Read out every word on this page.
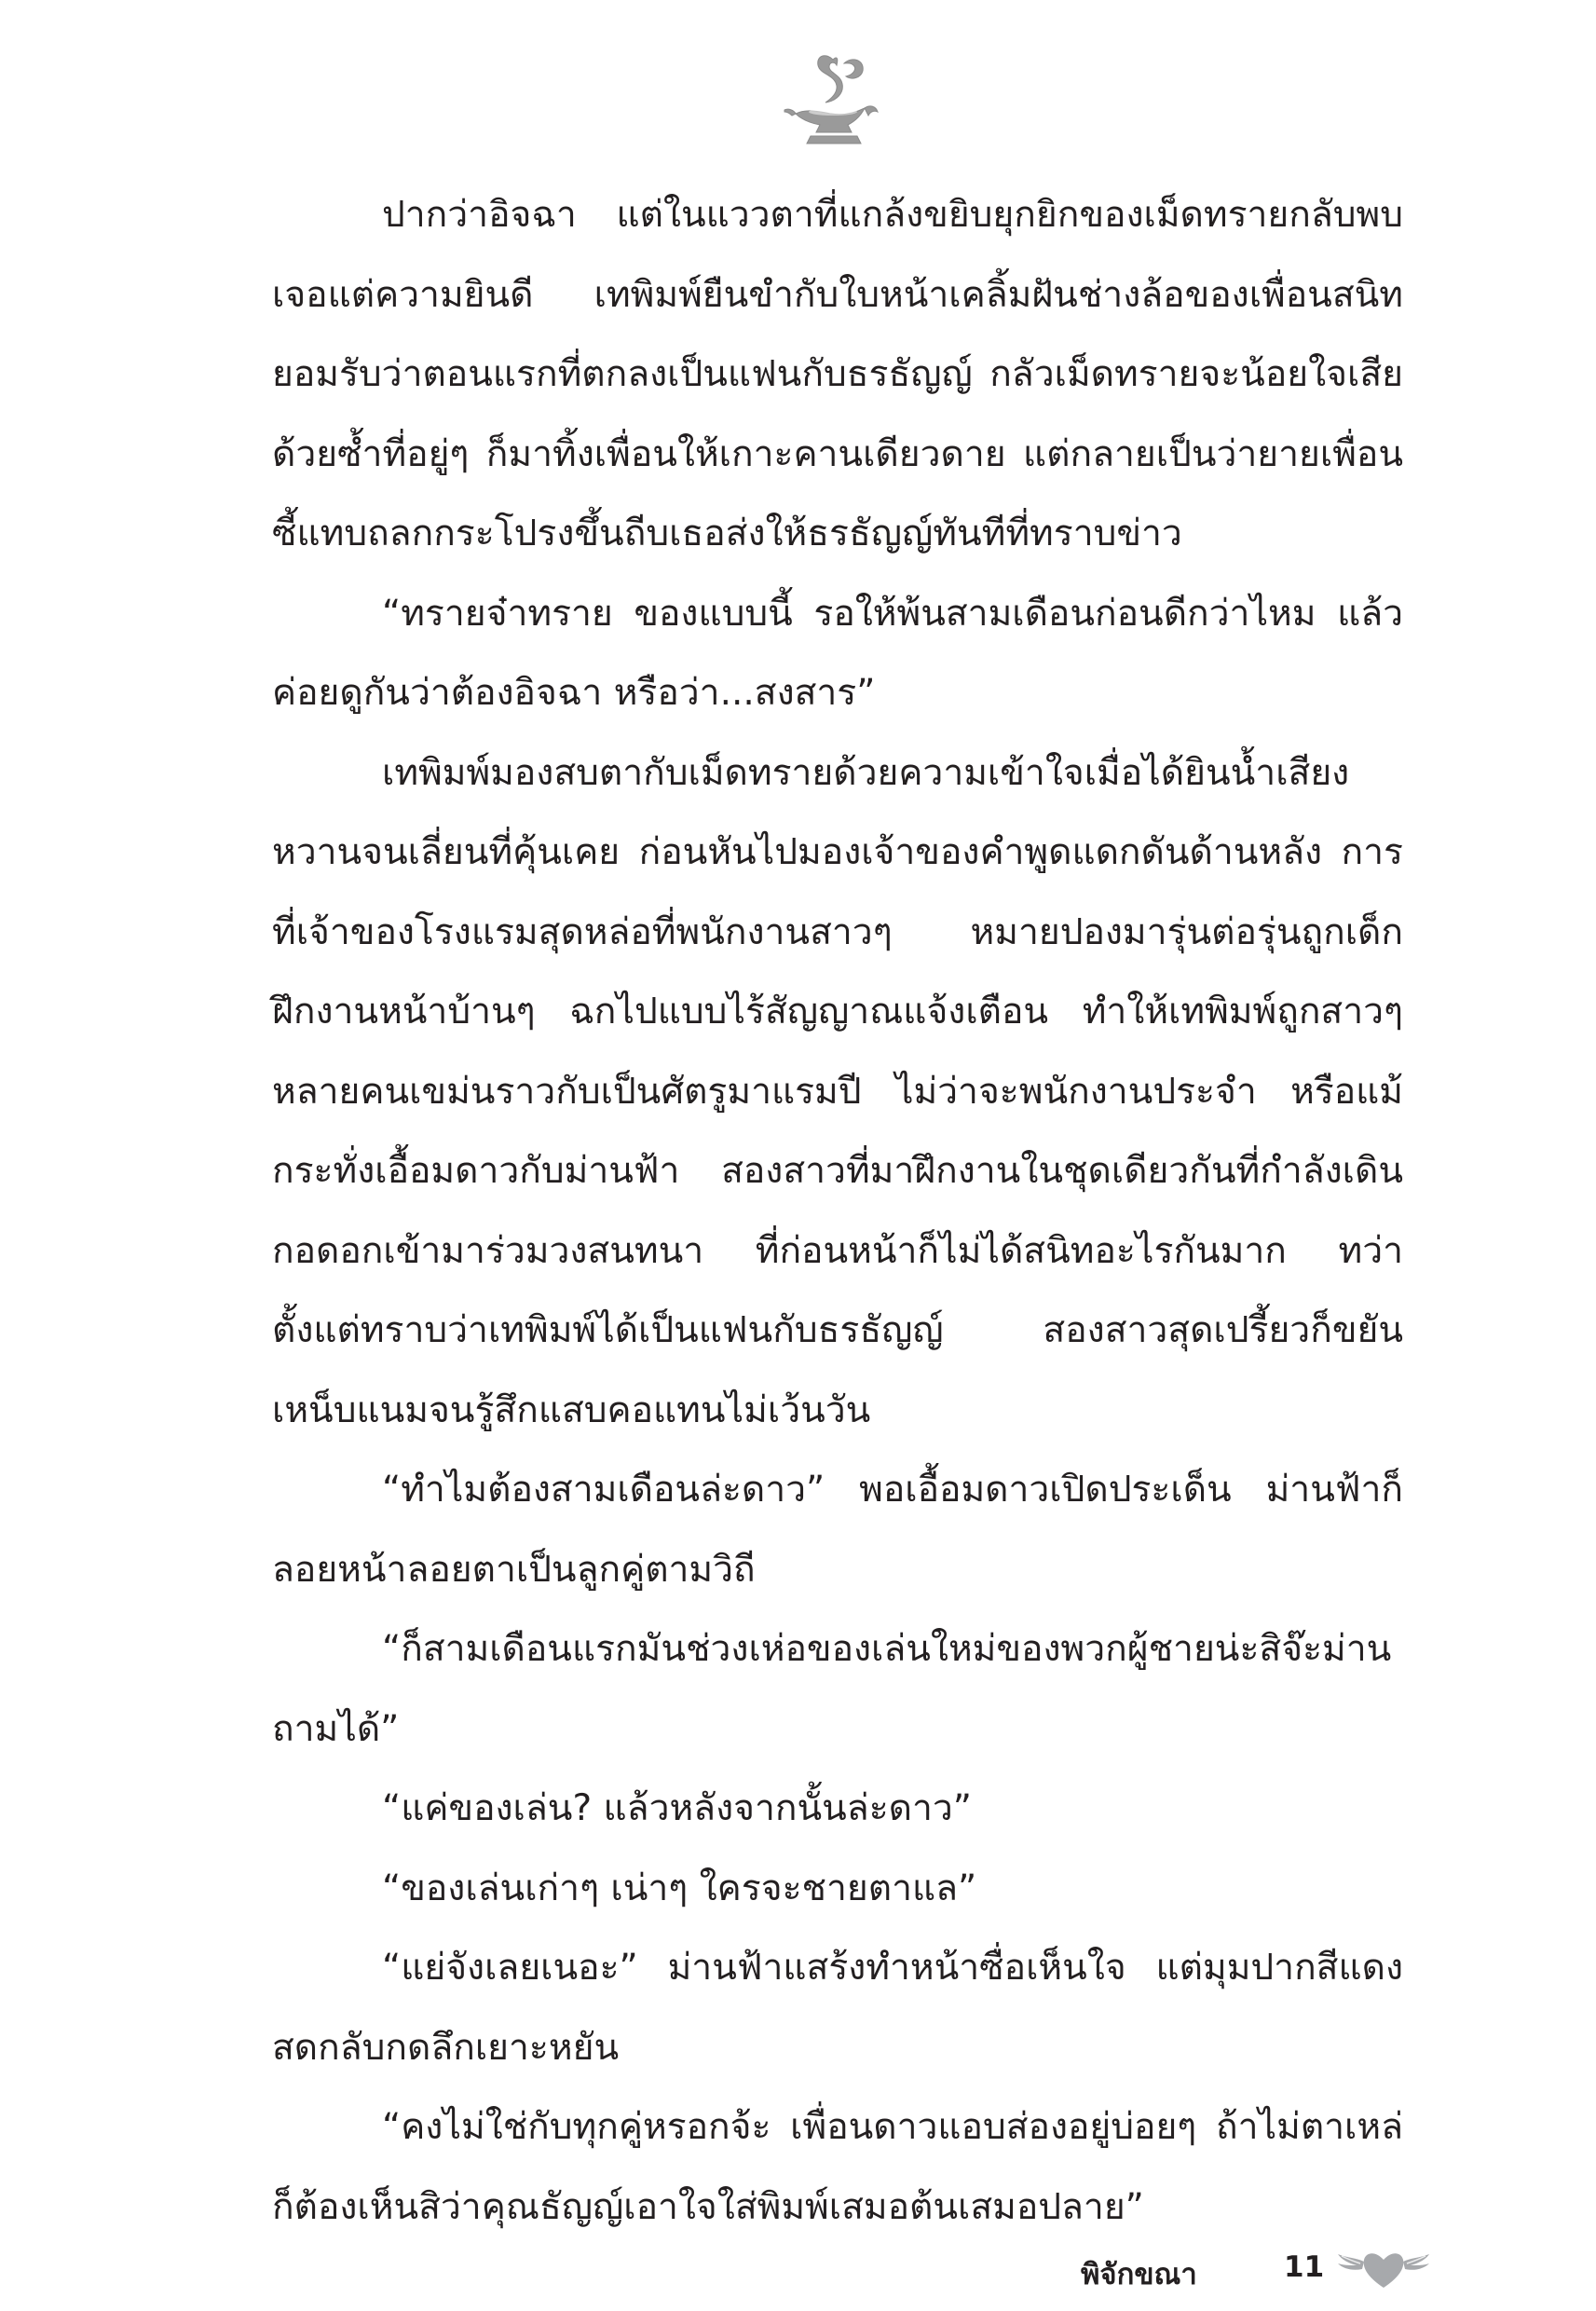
ปากว่าอิจฉา แต่ในแววตาที่แกล้งขยิบยุกยิกของเม็ดทรายกลับพบเจอแต่ความยินดี เทพิมพ์ยืนขำกับใบหน้าเคลิ้มฝันช่างล้อของเพื่อนสนิท ยอมรับว่าตอนแรกที่ตกลงเป็นแฟนกับธรธัญญ์ กลัวเม็ดทรายจะน้อยใจเสียด้วยซ้ำที่อยู่ๆ ก็มาทิ้งเพื่อนให้เกาะคานเดียวดาย แต่กลายเป็นว่ายายเพื่อนซี้แทบถลกกระโปรงขึ้นถีบเธอส่งให้ธรธัญญ์ทันทีที่ทราบข่าว

“ทรายจ๋าทราย ของแบบนี้ รอให้พ้นสามเดือนก่อนดีกว่าไหม แล้วค่อยดูกันว่าต้องอิจฉา หรือว่า...สงสาร”

เทพิมพ์มองสบตากับเม็ดทรายด้วยความเข้าใจเมื่อได้ยินน้ำเสียงหวานจนเลี่ยนที่คุ้นเคย ก่อนหันไปมองเจ้าของคำพูดแดกดันด้านหลัง การที่เจ้าของโรงแรมสุดหล่อที่พนักงานสาวๆ หมายปองมารุ่นต่อรุ่นถูกเด็กฝึกงานหน้าบ้านๆ ฉกไปแบบไร้สัญญาณแจ้งเตือน ทำให้เทพิมพ์ถูกสาวๆ หลายคนเขม่นราวกับเป็นศัตรูมาแรมปี ไม่ว่าจะพนักงานประจำ หรือแม้กระทั่งเอื้อมดาวกับม่านฟ้า สองสาวที่มาฝึกงานในชุดเดียวกันที่กำลังเดินกอดอกเข้ามาร่วมวงสนทนา ที่ก่อนหน้าก็ไม่ได้สนิทอะไรกันมาก ทว่าตั้งแต่ทราบว่าเทพิมพ์ได้เป็นแฟนกับธรธัญญ์ สองสาวสุดเปรี้ยวก็ขยันเหน็บแนมจนรู้สึกแสบคอแทนไม่เว้นวัน

“ทำไมต้องสามเดือนล่ะดาว” พอเอื้อมดาวเปิดประเด็น ม่านฟ้าก็ลอยหน้าลอยตาเป็นลูกคู่ตามวิถี

“ก็สามเดือนแรกมันช่วงเห่อของเล่นใหม่ของพวกผู้ชายน่ะสิจ๊ะม่าน ถามได้”

“แค่ของเล่น? แล้วหลังจากนั้นล่ะดาว”

“ของเล่นเก่าๆ เน่าๆ ใครจะชายตาแล”

“แย่จังเลยเนอะ” ม่านฟ้าแสร้งทำหน้าซื่อเห็นใจ แต่มุมปากสีแดงสดกลับกดลึกเยาะหยัน

“คงไม่ใช่กับทุกคู่หรอกจ้ะ เพื่อนดาวแอบส่องอยู่บ่อยๆ ถ้าไม่ตาเหล่ก็ต้องเห็นสิว่าคุณธัญญ์เอาใจใส่พิมพ์เสมอต้นเสมอปลาย”

พิจักขณา	11
